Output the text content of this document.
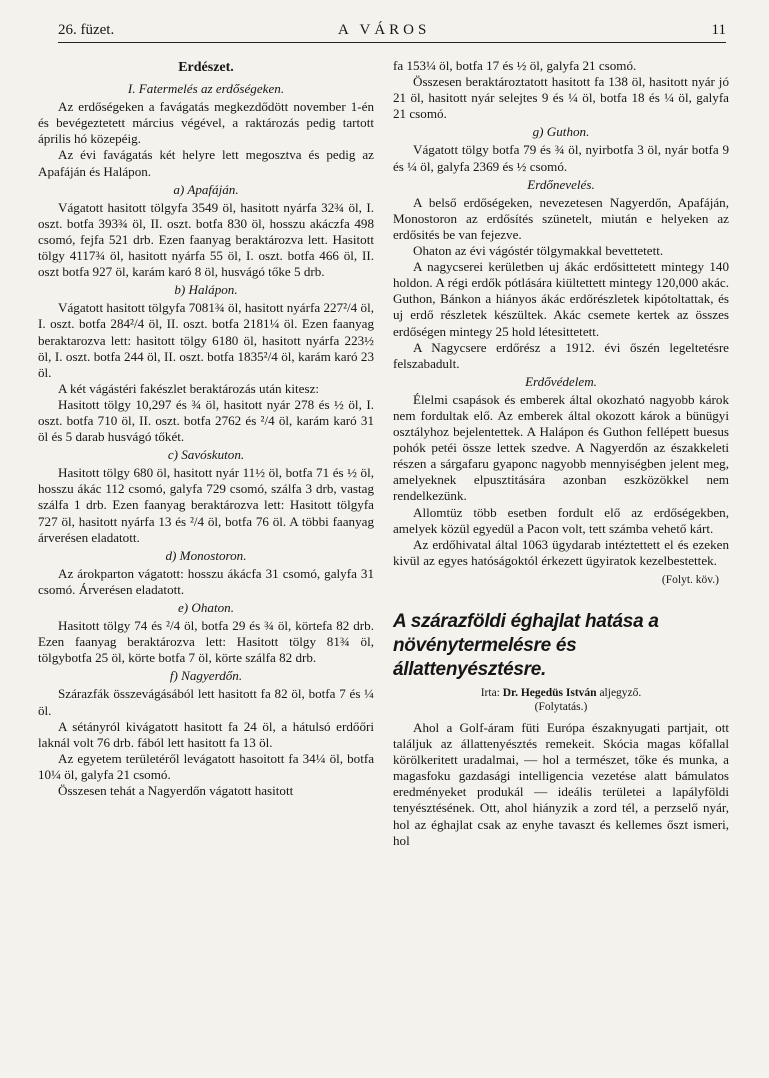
26. füzet.	A VÁROS	11
Erdészet.
I. Fatermelés az erdőségeken.

Az erdőségeken a favágatás megkezdődött november 1-én és bevégeztetett március végével, a raktározás pedig tartott április hó közepéig.

Az évi favágatás két helyre lett megosztva és pedig az Apafáján és Halápon.

a) Apafáján.

Vágatott hasitott tölgyfa 3549 öl, hasitott nyárfa 32¾ öl, I. oszt. botfa 393¾ öl, II. oszt. botfa 830 öl, hosszu akáczfa 498 csomó, fejfa 521 drb. Ezen faanyag beraktározva lett. Hasitott tölgy 4117¾ öl, hasitott nyárfa 55 öl, I. oszt. botfa 466 öl, II. oszt botfa 927 öl, karám karó 8 öl, husvágó tőke 5 drb.

b) Halápon.

Vágatott hasitott tölgyfa 7081¾ öl, hasitott nyárfa 227²/4 öl, I. oszt. botfa 284²/4 öl, II. oszt. botfa 2181¼ öl. Ezen faanyag beraktarozva lett: hasitott tölgy 6180 öl, hasitott nyárfa 223½ öl, I. oszt. botfa 244 öl, II. oszt. botfa 1835²/4 öl, karám karó 23 öl.

A két vágástéri fakészlet beraktározás után kitesz:

Hasitott tölgy 10,297 és ¾ öl, hasitott nyár 278 és ½ öl, I. oszt. botfa 710 öl, II. oszt. botfa 2762 és ²/4 öl, karám karó 31 öl és 5 darab husvágó tőkét.

c) Savóskuton.

Hasitott tölgy 680 öl, hasitott nyár 11½ öl, botfa 71 és ½ öl, hosszu ákác 112 csomó, galyfa 729 csomó, szálfa 3 drb, vastag szálfa 1 drb. Ezen faanyag beraktározva lett: Hasitott tölgyfa 727 öl, hasitott nyárfa 13 és ²/4 öl, botfa 76 öl. A többi faanyag árverésen eladatott.

d) Monostoron.

Az árokparton vágatott: hosszu ákácfa 31 csomó, galyfa 31 csomó. Árverésen eladatott.

e) Ohaton.

Hasitott tölgy 74 és ²/4 öl, botfa 29 és ¾ öl, körtefa 82 drb. Ezen faanyag beraktározva lett: Hasitott tölgy 81¾ öl, tölgybotfa 25 öl, körte botfa 7 öl, körte szálfa 82 drb.

f) Nagyerdőn.

Szárazfák összevágásából lett hasitott fa 82 öl, botfa 7 és ¼ öl.

A sétányról kivágatott hasitott fa 24 öl, a hátulsó erdőőri laknál volt 76 drb. fából lett hasitott fa 13 öl.

Az egyetem területéről levágatott hasoitott fa 34¼ öl, botfa 10¼ öl, galyfa 21 csomó.

Összesen tehát a Nagyerdőn vágatott hasitott

fa 153¼ öl, botfa 17 és ½ öl, galyfa 21 csomó.

Összesen beraktároztatott hasitott fa 138 öl, hasitott nyár jó 21 öl, hasitott nyár selejtes 9 és ¼ öl, botfa 18 és ¼ öl, galyfa 21 csomó.

g) Guthon.

Vágatott tölgy botfa 79 és ¾ öl, nyirbotfa 3 öl, nyár botfa 9 és ¼ öl, galyfa 2369 és ½ csomó.

Erdőnevelés.

A belső erdőségeken, nevezetesen Nagyerdőn, Apafáján, Monostoron az erdősítés szünetelt, miután e helyeken az erdősités be van fejezve.

Ohaton az évi vágóstér tölgymakkal bevettetett.

A nagycserei kerületben uj ákác erdősittetett mintegy 140 holdon. A régi erdők pótlására kiültettett mintegy 120,000 akác. Guthon, Bánkon a hiányos ákác erdőrészletek kipótoltattak, és uj erdő részletek készültek. Akác csemete kertek az összes erdőségen mintegy 25 hold létesittetett.

A Nagycsere erdőrész a 1912. évi őszén legeltetésre felszabadult.

Erdővédelem.

Élelmi csapások és emberek által okozható nagyobb károk nem fordultak elő. Az emberek által okozott károk a bünügyi osztályhoz bejelentettek. A Halápon és Guthon fellépett buesus pohók petéi össze lettek szedve. A Nagyerdőn az északkeleti részen a sárgafaru gyaponc nagyobb mennyiségben jelent meg, amelyeknek elpusztitására azonban eszközökkel nem rendelkezünk.

Allomtüz több esetben fordult elő az erdőségekben, amelyek közül egyedül a Pacon volt, tett számba vehető kárt.

Az erdőhivatal által 1063 ügydarab intéztettett el és ezeken kivül az egyes hatóságoktól érkezett ügyiratok kezelbestettek.

(Folyt. köv.)
A szárazföldi éghajlat hatása a növénytermelésre és állattenyésztésre.
Irta: Dr. Hegedüs István aljegyző.
(Folytatás.)

Ahol a Golf-áram füti Európa északnyugati partjait, ott találjuk az állattenyésztés remekeit. Skócia magas kőfallal körölkeritett uradalmai, — hol a természet, tőke és munka, a magasfoku gazdasági intelligencia vezetése alatt bámulatos eredményeket produkál — ideális területei a lapályföldi tenyésztésének. Ott, ahol hiányzik a zord tél, a perzselő nyár, hol az éghajlat csak az enyhe tavaszt és kellemes őszt ismeri, hol
